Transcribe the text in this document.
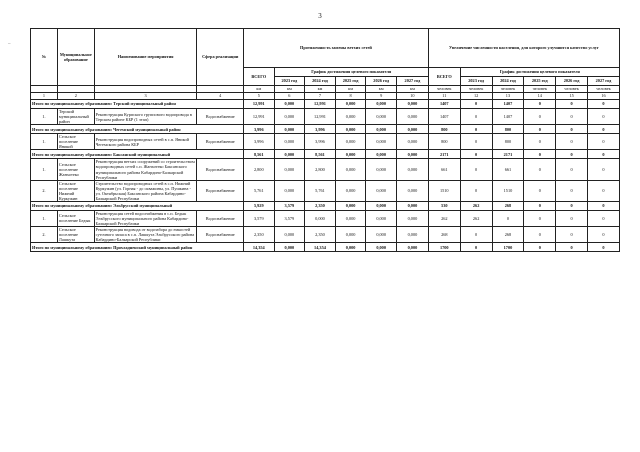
3
–
№	Муниципальное образование	Наименование мероприятия	Сфера реализации	Протяженность замены ветхих сетей						Увеличение численности населения, для которого улучшится качество услуг					
				ВСЕГО	График достижения целевого показателя					ВСЕГО	График достижения целевого показателя				
					2023 год	2024 год	2025 год	2026 год	2027 год		2023 год	2024 год	2025 год	2026 год	2027 год
				км	км	км	км	км	км	человек	человек	человек	человек	человек	человек
1	2	3	4	5	6	7	8	9	10	11	12	13	14	15	16
Итого по муниципальному образованию: Терский муниципальный район				12,991	0,000	12,991	0,000	0,000	0,000	1407	0	1407	0	0	0
1.	Терский муниципальный район	Реконструкция Курпского группового водопровода в Терском районе КБР (1 этап)	Водоснабжение	12,991	0,000	12,991	0,000	0,000	0,000	1407	0	1407	0	0	0
Итого по муниципальному образованию: Чегемский муниципальный район				3,996	0,000	3,996	0,000	0,000	0,000	800	0	800	0	0	0
1.	Сельское поселение Яникой	Реконструкция водопроводных сетей в с.п. Яникой Чегемского района КБР	Водоснабжение	3,996	0,000	3,996	0,000	0,000	0,000	800	0	800	0	0	0
Итого по муниципальному образованию: Баксанский муниципальный				8,561	0,000	8,561	0,000	0,000	0,000	2171	0	2171	0	0	0
1.	Сельское поселение Жанхотеко	Реконструкция ветхих сооружений со строительством водопроводных сетей с.п. Жанхотеко Баксанского муниципального района Кабардино-Балкарской Республики	Водоснабжение	2,800	0,000	2,800	0,000	0,000	0,000	661	0	661	0	0	0
2.	Сельское поселение Нижний Куркужин	Строительство водопроводных сетей в с.п. Нижний Куркужин (ул. Горная - до скважины, ул. Пушкина - ул. Октябрьская) Баксанского района Кабардино-Балкарской Республики	Водоснабжение	5,761	0,000	5,761	0,000	0,000	0,000	1510	0	1510	0	0	0
Итого по муниципальному образованию: Эльбрусский муниципальный				5,929	3,579	2,350	0,000	0,000	0,000	530	262	268	0	0	0
1.	Сельское поселение Бедык	Реконструкция сетей водоснабжения в с.п. Бедык Эльбрусского муниципального района Кабардино-Балкарской Республики	Водоснабжение	3,579	3,579	0,000	0,000	0,000	0,000	262	262	0	0	0	0
2.	Сельское поселение Лашкута	Реконструкция водовода от водозабора до емкостей суточного запаса в с.п. Лашкута Эльбрусского района Кабардино-Балкарской Республики	Водоснабжение	2,350	0,000	2,350	0,000	0,000	0,000	268	0	268	0	0	0
Итого по муниципальному образованию: Прохладненский муниципальный район				14,354	0,000	14,354	0,000	0,000	0,000	1700	0	1700	0	0	0
